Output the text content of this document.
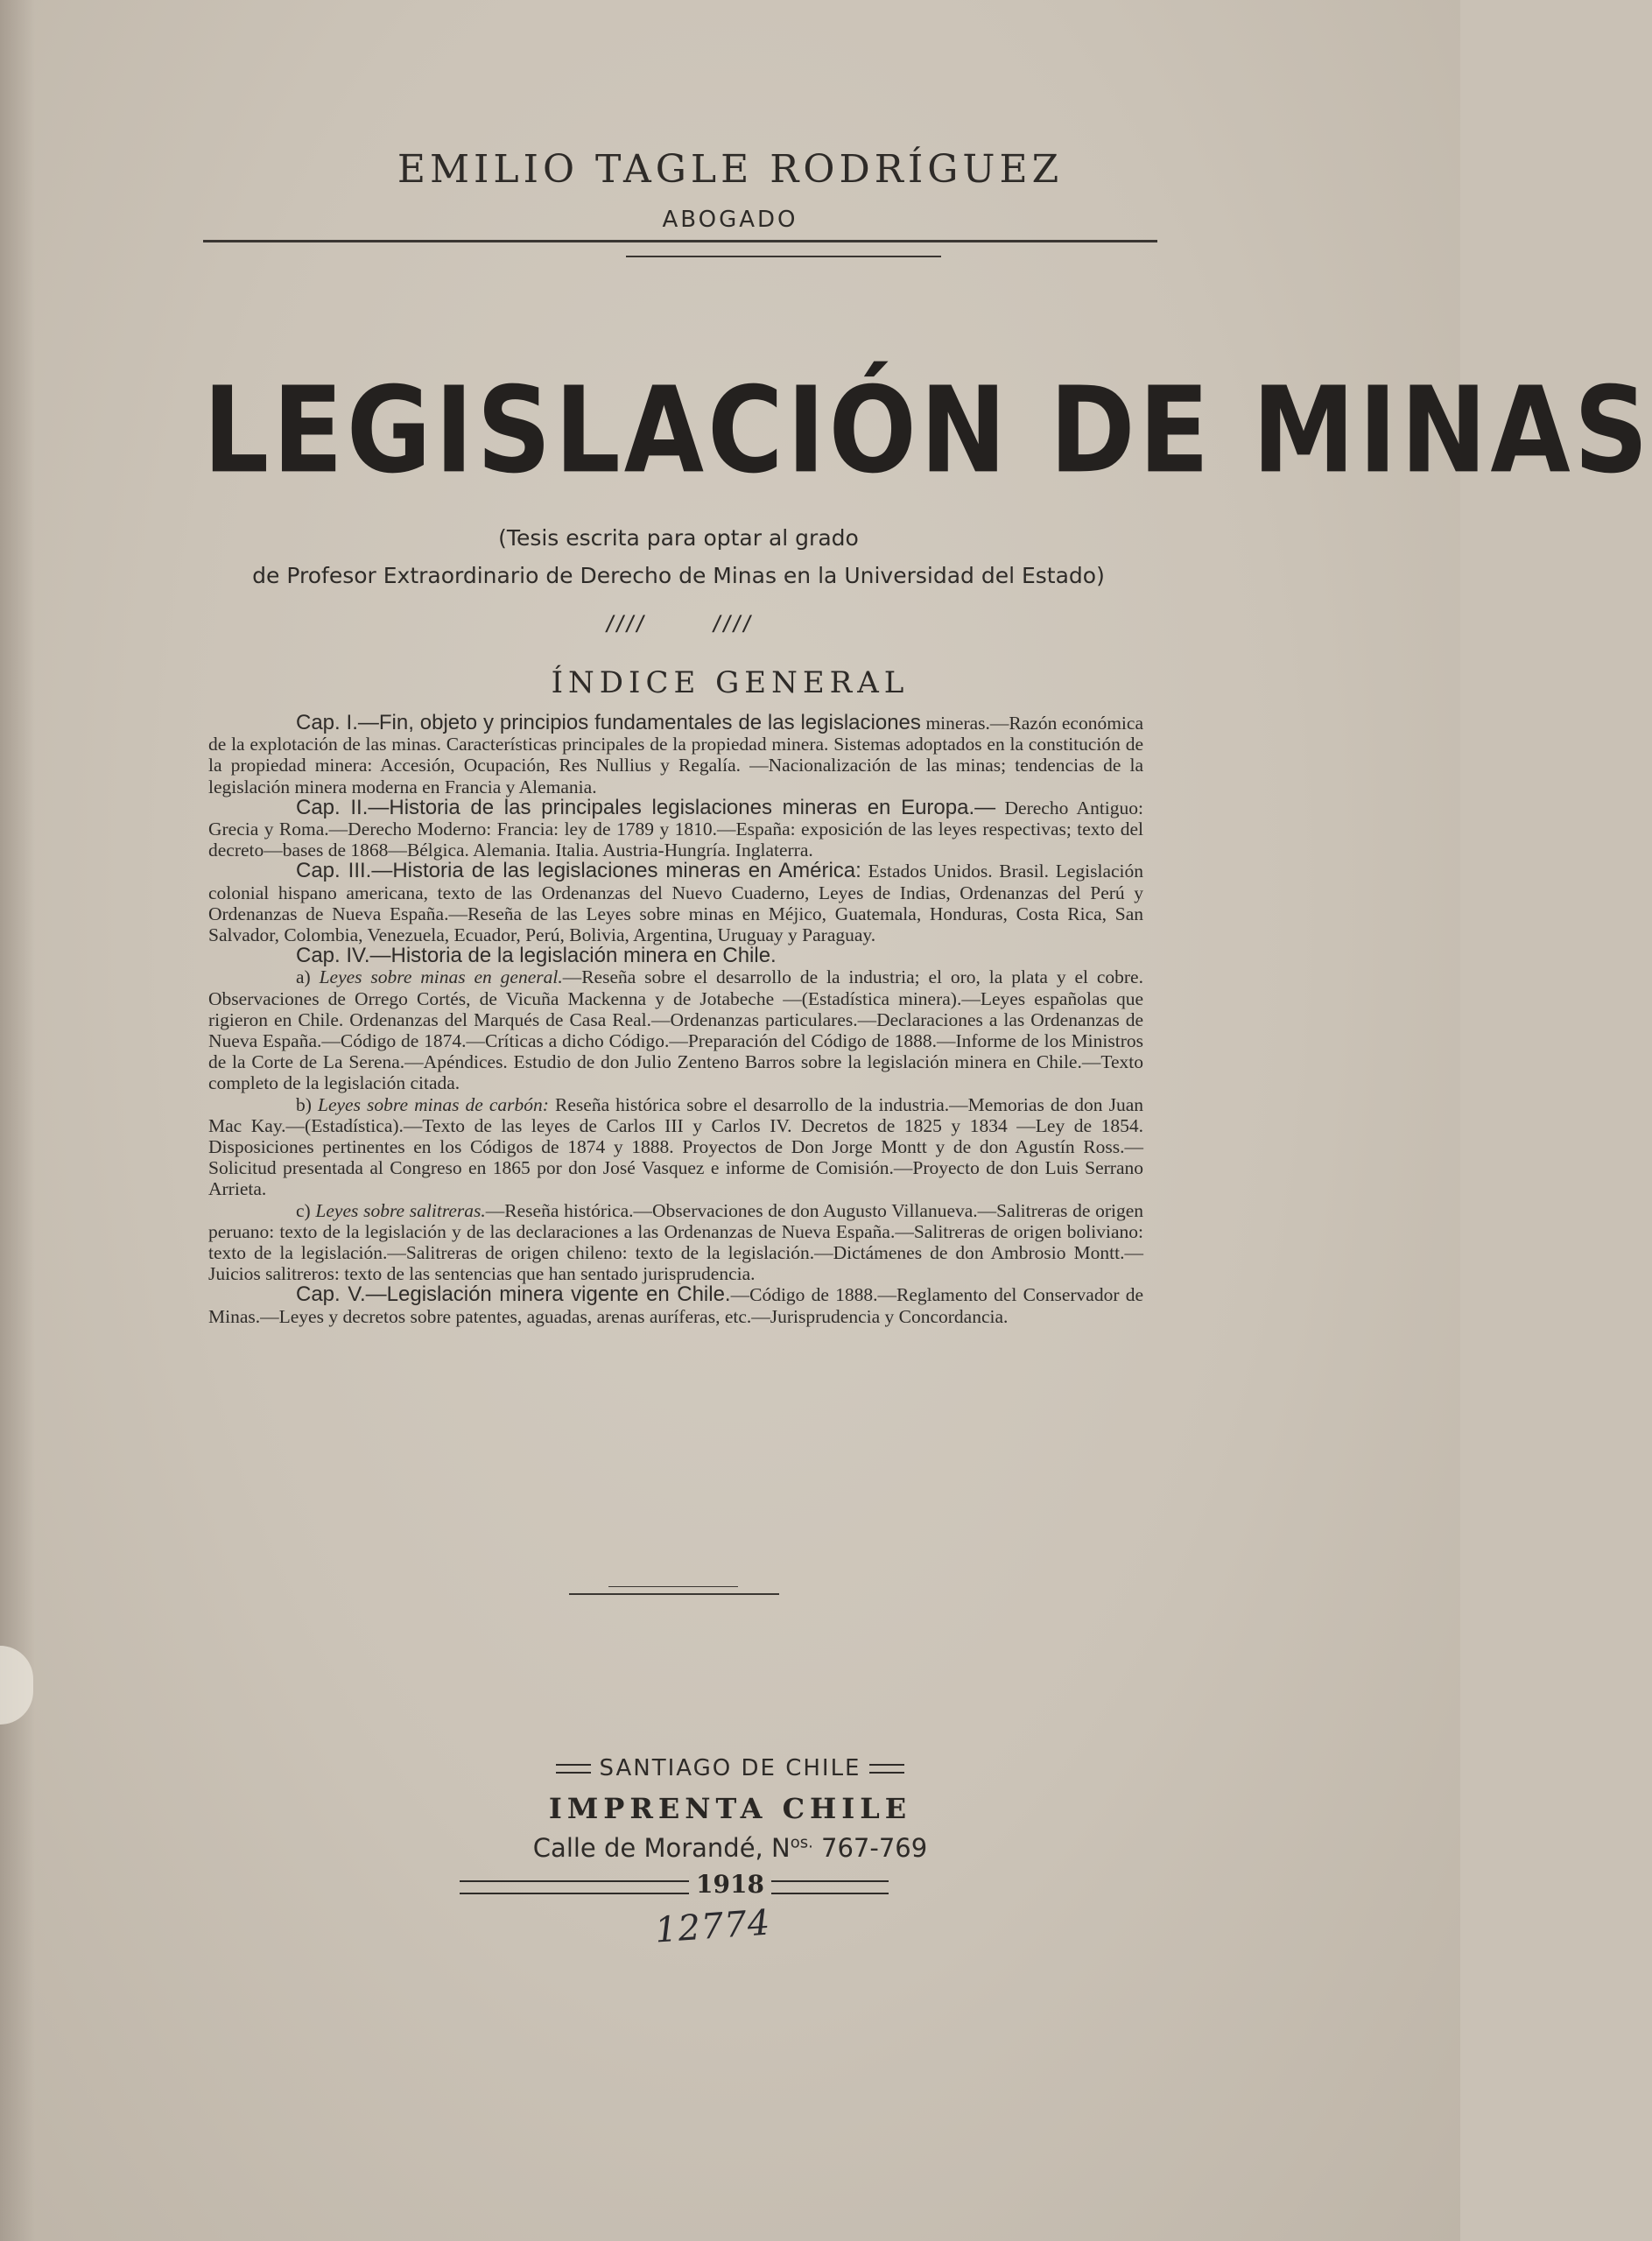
EMILIO TAGLE RODRÍGUEZ
ABOGADO
LEGISLACIÓN DE MINAS
(Tesis escrita para optar al grado
de Profesor Extraordinario de Derecho de Minas en la Universidad del Estado)
////	////
ÍNDICE GENERAL

Cap. I.—Fin, objeto y principios fundamentales de las legislaciones mineras.—Razón económica de la explotación de las minas. Características principales de la propiedad minera. Sistemas adoptados en la constitución de la propiedad minera: Accesión, Ocupación, Res Nullius y Regalía. —Nacionalización de las minas; tendencias de la legislación minera moderna en Francia y Alemania.

Cap. II.—Historia de las principales legislaciones mineras en Europa.— Derecho Antiguo: Grecia y Roma.—Derecho Moderno: Francia: ley de 1789 y 1810.—España: exposición de las leyes respectivas; texto del decreto—bases de 1868—Bélgica. Alemania. Italia. Austria-Hungría. Inglaterra.

Cap. III.—Historia de las legislaciones mineras en América: Estados Unidos. Brasil. Legislación colonial hispano americana, texto de las Ordenanzas del Nuevo Cuaderno, Leyes de Indias, Ordenanzas del Perú y Ordenanzas de Nueva España.—Reseña de las Leyes sobre minas en Méjico, Guatemala, Honduras, Costa Rica, San Salvador, Colombia, Venezuela, Ecuador, Perú, Bolivia, Argentina, Uruguay y Paraguay.

Cap. IV.—Historia de la legislación minera en Chile.

a) Leyes sobre minas en general.—Reseña sobre el desarrollo de la industria; el oro, la plata y el cobre. Observaciones de Orrego Cortés, de Vicuña Mackenna y de Jotabeche —(Estadística minera).—Leyes españolas que rigieron en Chile. Ordenanzas del Marqués de Casa Real.—Ordenanzas particulares.—Declaraciones a las Ordenanzas de Nueva España.—Código de 1874.—Críticas a dicho Código.—Preparación del Código de 1888.—Informe de los Ministros de la Corte de La Serena.—Apéndices. Estudio de don Julio Zenteno Barros sobre la legislación minera en Chile.—Texto completo de la legislación citada.

b) Leyes sobre minas de carbón: Reseña histórica sobre el desarrollo de la industria.—Memorias de don Juan Mac Kay.—(Estadística).—Texto de las leyes de Carlos III y Carlos IV. Decretos de 1825 y 1834 —Ley de 1854. Disposiciones pertinentes en los Códigos de 1874 y 1888. Proyectos de Don Jorge Montt y de don Agustín Ross.—Solicitud presentada al Congreso en 1865 por don José Vasquez e informe de Comisión.—Proyecto de don Luis Serrano Arrieta.

c) Leyes sobre salitreras.—Reseña histórica.—Observaciones de don Augusto Villanueva.—Salitreras de origen peruano: texto de la legislación y de las declaraciones a las Ordenanzas de Nueva España.—Salitreras de origen boliviano: texto de la legislación.—Salitreras de origen chileno: texto de la legislación.—Dictámenes de don Ambrosio Montt.—Juicios salitreros: texto de las sentencias que han sentado jurisprudencia.

Cap. V.—Legislación minera vigente en Chile.—Código de 1888.—Reglamento del Conservador de Minas.—Leyes y decretos sobre patentes, aguadas, arenas auríferas, etc.—Jurisprudencia y Concordancia.

SANTIAGO DE CHILE
IMPRENTA CHILE
Calle de Morandé, $N^{os.}$ 767-769
1918
12774
